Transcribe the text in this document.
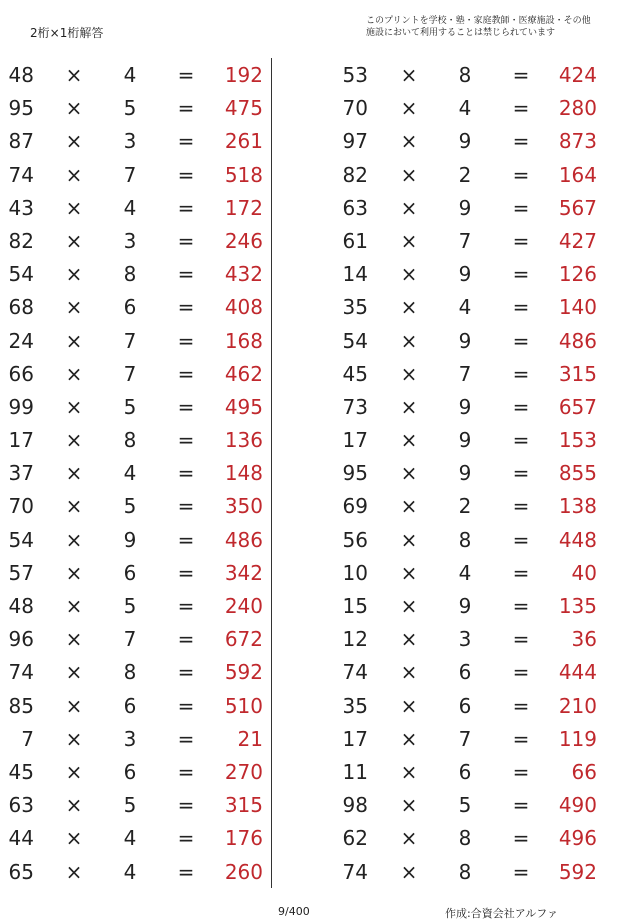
2桁×1桁解答
このプリントを学校・塾・家庭教師・医療施設・その他
施設において利用することは禁じられています
48 × 4 =	192
95 × 5 =	475
87 × 3 =	261
74 × 7 =	518
43 × 4 =	172
82 × 3 =	246
54 × 8 =	432
68 × 6 =	408
24 × 7 =	168
66 × 7 =	462
99 × 5 =	495
17 × 8 =	136
37 × 4 =	148
70 × 5 =	350
54 × 9 =	486
57 × 6 =	342
48 × 5 =	240
96 × 7 =	672
74 × 8 =	592
85 × 6 =	510
7 × 3 =	21
45 × 6 =	270
63 × 5 =	315
44 × 4 =	176
65 × 4 =	260
53 × 8 =	424
70 × 4 =	280
97 × 9 =	873
82 × 2 =	164
63 × 9 =	567
61 × 7 =	427
14 × 9 =	126
35 × 4 =	140
54 × 9 =	486
45 × 7 =	315
73 × 9 =	657
17 × 9 =	153
95 × 9 =	855
69 × 2 =	138
56 × 8 =	448
10 × 4 =	40
15 × 9 =	135
12 × 3 =	36
74 × 6 =	444
35 × 6 =	210
17 × 7 =	119
11 × 6 =	66
98 × 5 =	490
62 × 8 =	496
74 × 8 =	592
9/400	作成:合資会社アルファ
